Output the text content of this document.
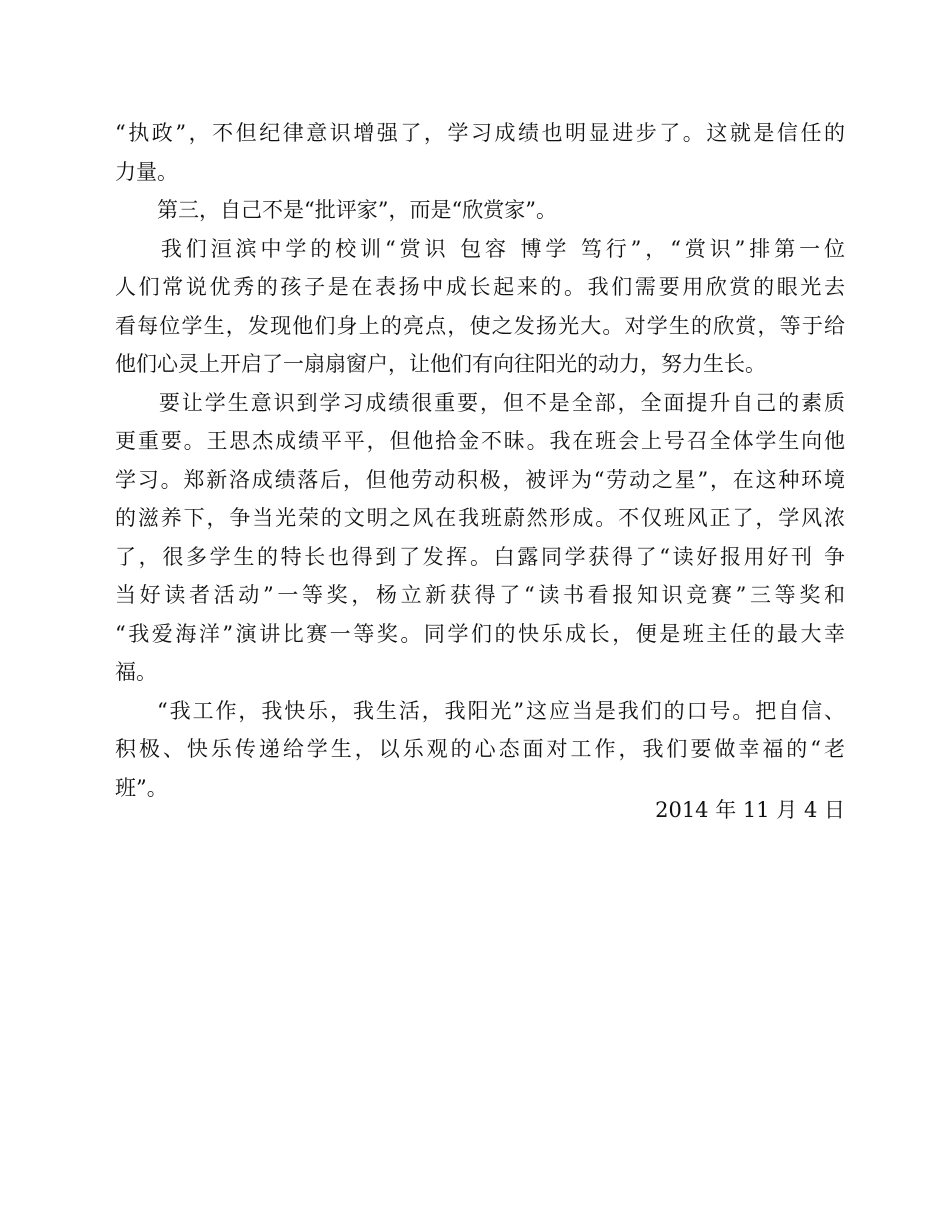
“执政”，不但纪律意识增强了，学习成绩也明显进步了。这就是信任的
力量。

第三，自己不是“批评家”，而是“欣赏家”。

我们洹滨中学的校训“赏识 包容 博学 笃行”，“赏识”排第一位
人们常说优秀的孩子是在表扬中成长起来的。我们需要用欣赏的眼光去
看每位学生，发现他们身上的亮点，使之发扬光大。对学生的欣赏，等于给
他们心灵上开启了一扇扇窗户，让他们有向往阳光的动力，努力生长。

要让学生意识到学习成绩很重要，但不是全部，全面提升自己的素质
更重要。王思杰成绩平平，但他拾金不昧。我在班会上号召全体学生向他
学习。郑新洛成绩落后，但他劳动积极，被评为“劳动之星”，在这种环境
的滋养下，争当光荣的文明之风在我班蔚然形成。不仅班风正了，学风浓
了，很多学生的特长也得到了发挥。白露同学获得了“读好报用好刊 争
当好读者活动”一等奖，杨立新获得了“读书看报知识竞赛”三等奖和
“我爱海洋”演讲比赛一等奖。同学们的快乐成长，便是班主任的最大幸
福。

“我工作，我快乐，我生活，我阳光”这应当是我们的口号。把自信、
积极、快乐传递给学生，以乐观的心态面对工作，我们要做幸福的“老
班”。

2014 年 11 月 4 日
